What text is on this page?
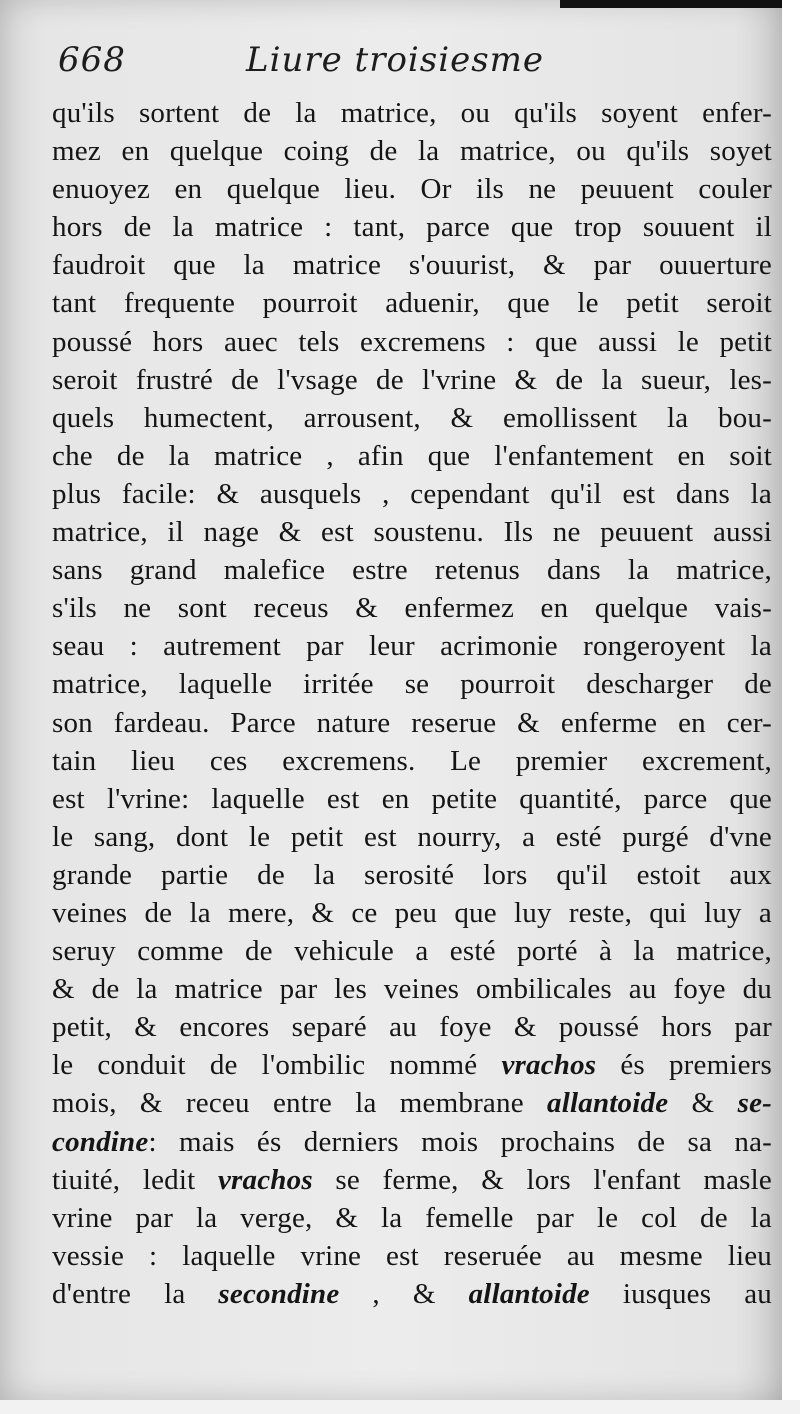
668	Liure troisiesme
qu'ils sortent de la matrice, ou qu'ils soyent enfer-
mez en quelque coing de la matrice, ou qu'ils soyet
enuoyez en quelque lieu. Or ils ne peuuent couler
hors de la matrice : tant, parce que trop souuent il
faudroit que la matrice s'ouurist, & par ouuerture
tant frequente pourroit aduenir, que le petit seroit
poussé hors auec tels excremens : que aussi le petit
seroit frustré de l'vsage de l'vrine & de la sueur, les-
quels humectent, arrousent, & emollissent la bou-
che de la matrice , afin que l'enfantement en soit
plus facile: & ausquels , cependant qu'il est dans la
matrice, il nage & est soustenu. Ils ne peuuent aussi
sans grand malefice estre retenus dans la matrice,
s'ils ne sont receus & enfermez en quelque vais-
seau : autrement par leur acrimonie rongeroyent la
matrice, laquelle irritée se pourroit descharger de
son fardeau. Parce nature reserue & enferme en cer-
tain lieu ces excremens. Le premier excrement,
est l'vrine: laquelle est en petite quantité, parce que
le sang, dont le petit est nourry, a esté purgé d'vne
grande partie de la serosité lors qu'il estoit aux
veines de la mere, & ce peu que luy reste, qui luy a
seruy comme de vehicule a esté porté à la matrice,
& de la matrice par les veines ombilicales au foye du
petit, & encores separé au foye & poussé hors par
le conduit de l'ombilic nommé vrachos és premiers
mois, & receu entre la membrane allantoide & se-
condine: mais és derniers mois prochains de sa na-
tiuité, ledit vrachos se ferme, & lors l'enfant masle
vrine par la verge, & la femelle par le col de la
vessie : laquelle vrine est reseruée au mesme lieu
d'entre la secondine , & allantoide iusques au
